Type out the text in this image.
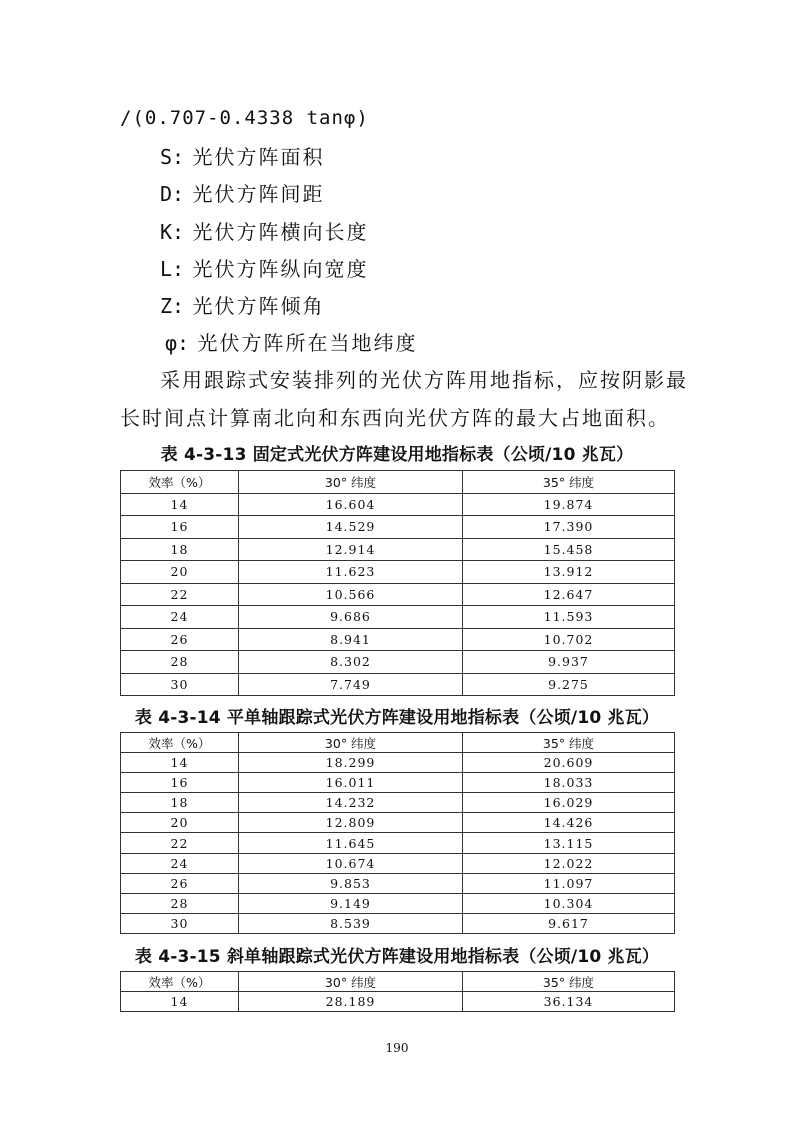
/(0.707-0.4338 tanφ)
S: 光伏方阵面积
D: 光伏方阵间距
K: 光伏方阵横向长度
L: 光伏方阵纵向宽度
Z: 光伏方阵倾角
φ: 光伏方阵所在当地纬度
采用跟踪式安装排列的光伏方阵用地指标，应按阴影最
长时间点计算南北向和东西向光伏方阵的最大占地面积。
表 4-3-13 固定式光伏方阵建设用地指标表（公顷/10 兆瓦）
效率（%）	30° 纬度	35° 纬度
14	16.604	19.874
16	14.529	17.390
18	12.914	15.458
20	11.623	13.912
22	10.566	12.647
24	9.686	11.593
26	8.941	10.702
28	8.302	9.937
30	7.749	9.275
表 4-3-14 平单轴跟踪式光伏方阵建设用地指标表（公顷/10 兆瓦）
效率（%）	30° 纬度	35° 纬度
14	18.299	20.609
16	16.011	18.033
18	14.232	16.029
20	12.809	14.426
22	11.645	13.115
24	10.674	12.022
26	9.853	11.097
28	9.149	10.304
30	8.539	9.617
表 4-3-15 斜单轴跟踪式光伏方阵建设用地指标表（公顷/10 兆瓦）
效率（%）	30° 纬度	35° 纬度
14	28.189	36.134
190
